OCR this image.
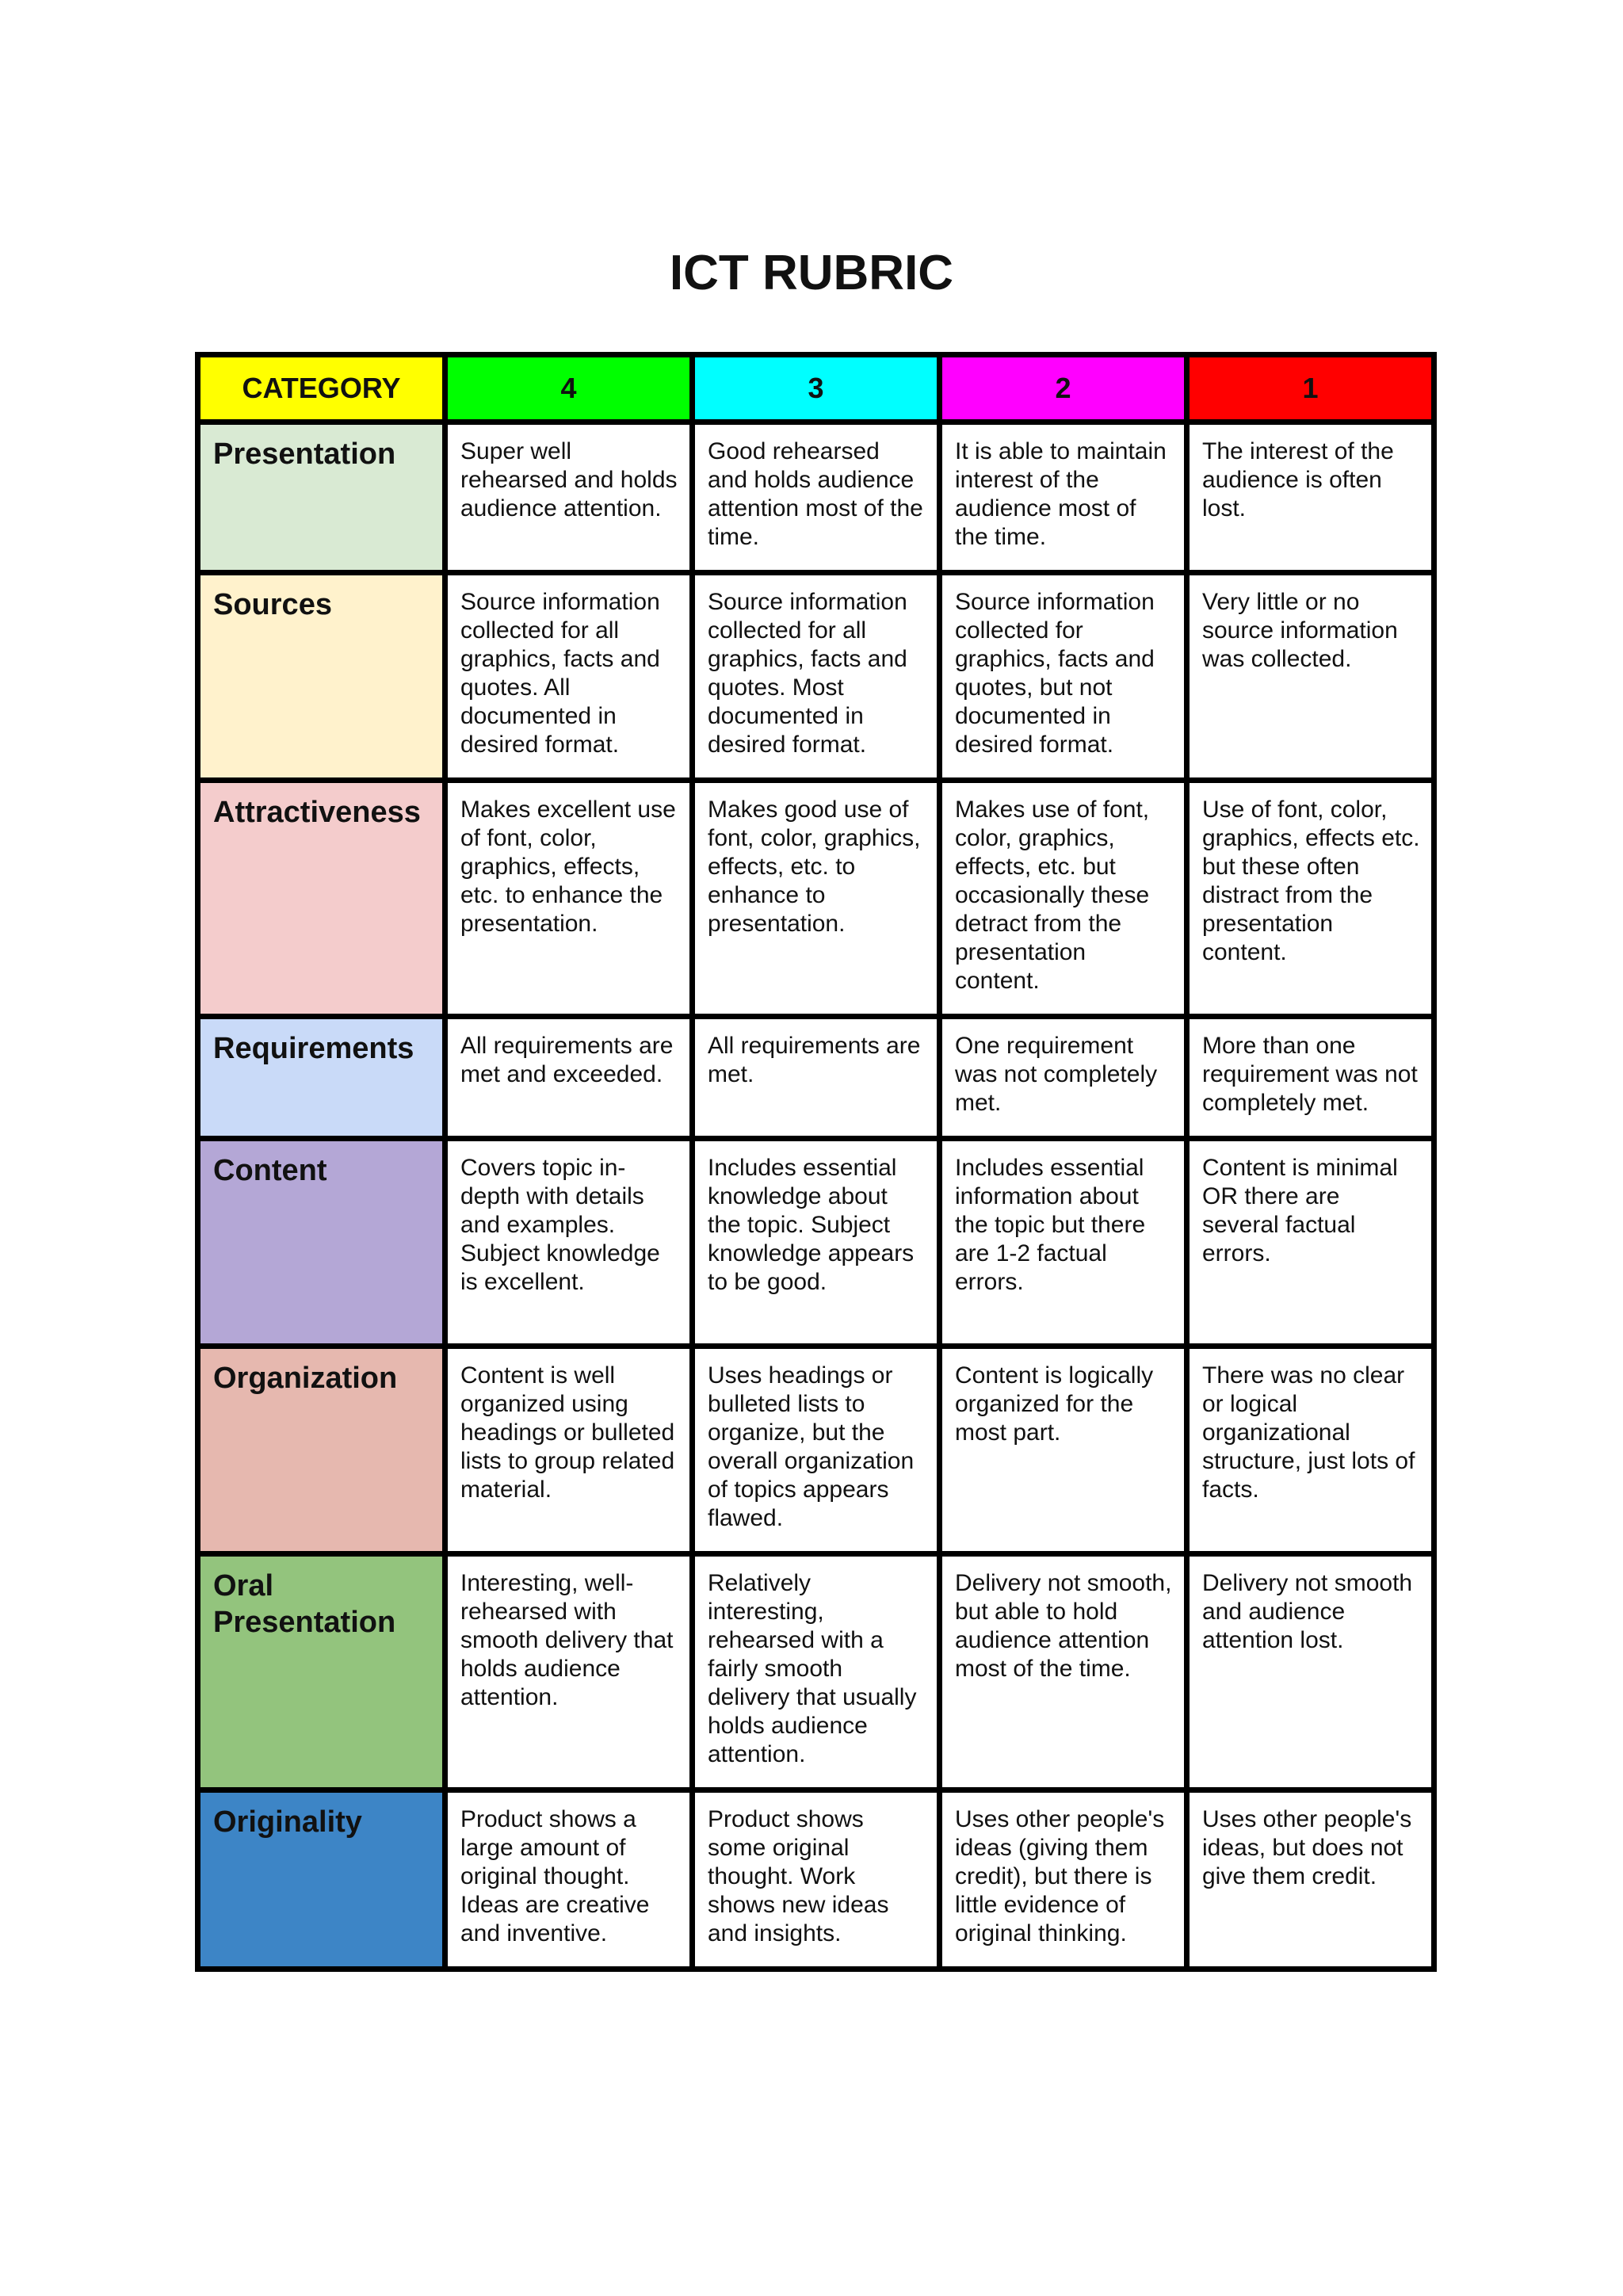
ICT RUBRIC
CATEGORY	4	3	2	1
Presentation	Super well rehearsed and holds audience attention.	Good rehearsed and holds audience attention most of the time.	It is able to maintain interest of the audience most of the time.	The interest of the audience is often lost.
Sources	Source information collected for all graphics, facts and quotes. All documented in desired format.	Source information collected for all graphics, facts and quotes. Most documented in desired format.	Source information collected for graphics, facts and quotes, but not documented in desired format.	Very little or no source information was collected.
Attractiveness	Makes excellent use of font, color, graphics, effects, etc. to enhance the presentation.	Makes good use of font, color, graphics, effects, etc. to enhance to presentation.	Makes use of font, color, graphics, effects, etc. but occasionally these detract from the presentation content.	Use of font, color, graphics, effects etc. but these often distract from the presentation content.
Requirements	All requirements are met and exceeded.	All requirements are met.	One requirement was not completely met.	More than one requirement was not completely met.
Content	Covers topic in-depth with details and examples. Subject knowledge is excellent.	Includes essential knowledge about the topic. Subject knowledge appears to be good.	Includes essential information about the topic but there are 1-2 factual errors.	Content is minimal OR there are several factual errors.
Organization	Content is well organized using headings or bulleted lists to group related material.	Uses headings or bulleted lists to organize, but the overall organization of topics appears flawed.	Content is logically organized for the most part.	There was no clear or logical organizational structure, just lots of facts.
Oral Presentation	Interesting, well-rehearsed with smooth delivery that holds audience attention.	Relatively interesting, rehearsed with a fairly smooth delivery that usually holds audience attention.	Delivery not smooth, but able to hold audience attention most of the time.	Delivery not smooth and audience attention lost.
Originality	Product shows a large amount of original thought. Ideas are creative and inventive.	Product shows some original thought. Work shows new ideas and insights.	Uses other people's ideas (giving them credit), but there is little evidence of original thinking.	Uses other people's ideas, but does not give them credit.
